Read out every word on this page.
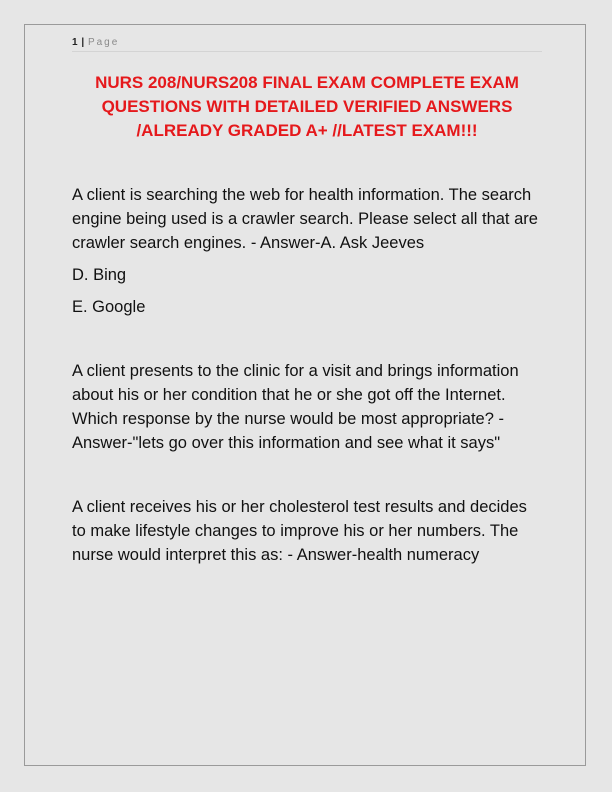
1 | Page
NURS 208/NURS208 FINAL EXAM COMPLETE EXAM QUESTIONS WITH DETAILED VERIFIED ANSWERS /ALREADY GRADED A+ //LATEST EXAM!!!

A client is searching the web for health information. The search engine being used is a crawler search. Please select all that are crawler search engines. - Answer-A. Ask Jeeves

D. Bing

E. Google

A client presents to the clinic for a visit and brings information about his or her condition that he or she got off the Internet. Which response by the nurse would be most appropriate? - Answer-"lets go over this information and see what it says"

A client receives his or her cholesterol test results and decides to make lifestyle changes to improve his or her numbers. The nurse would interpret this as: - Answer-health numeracy
